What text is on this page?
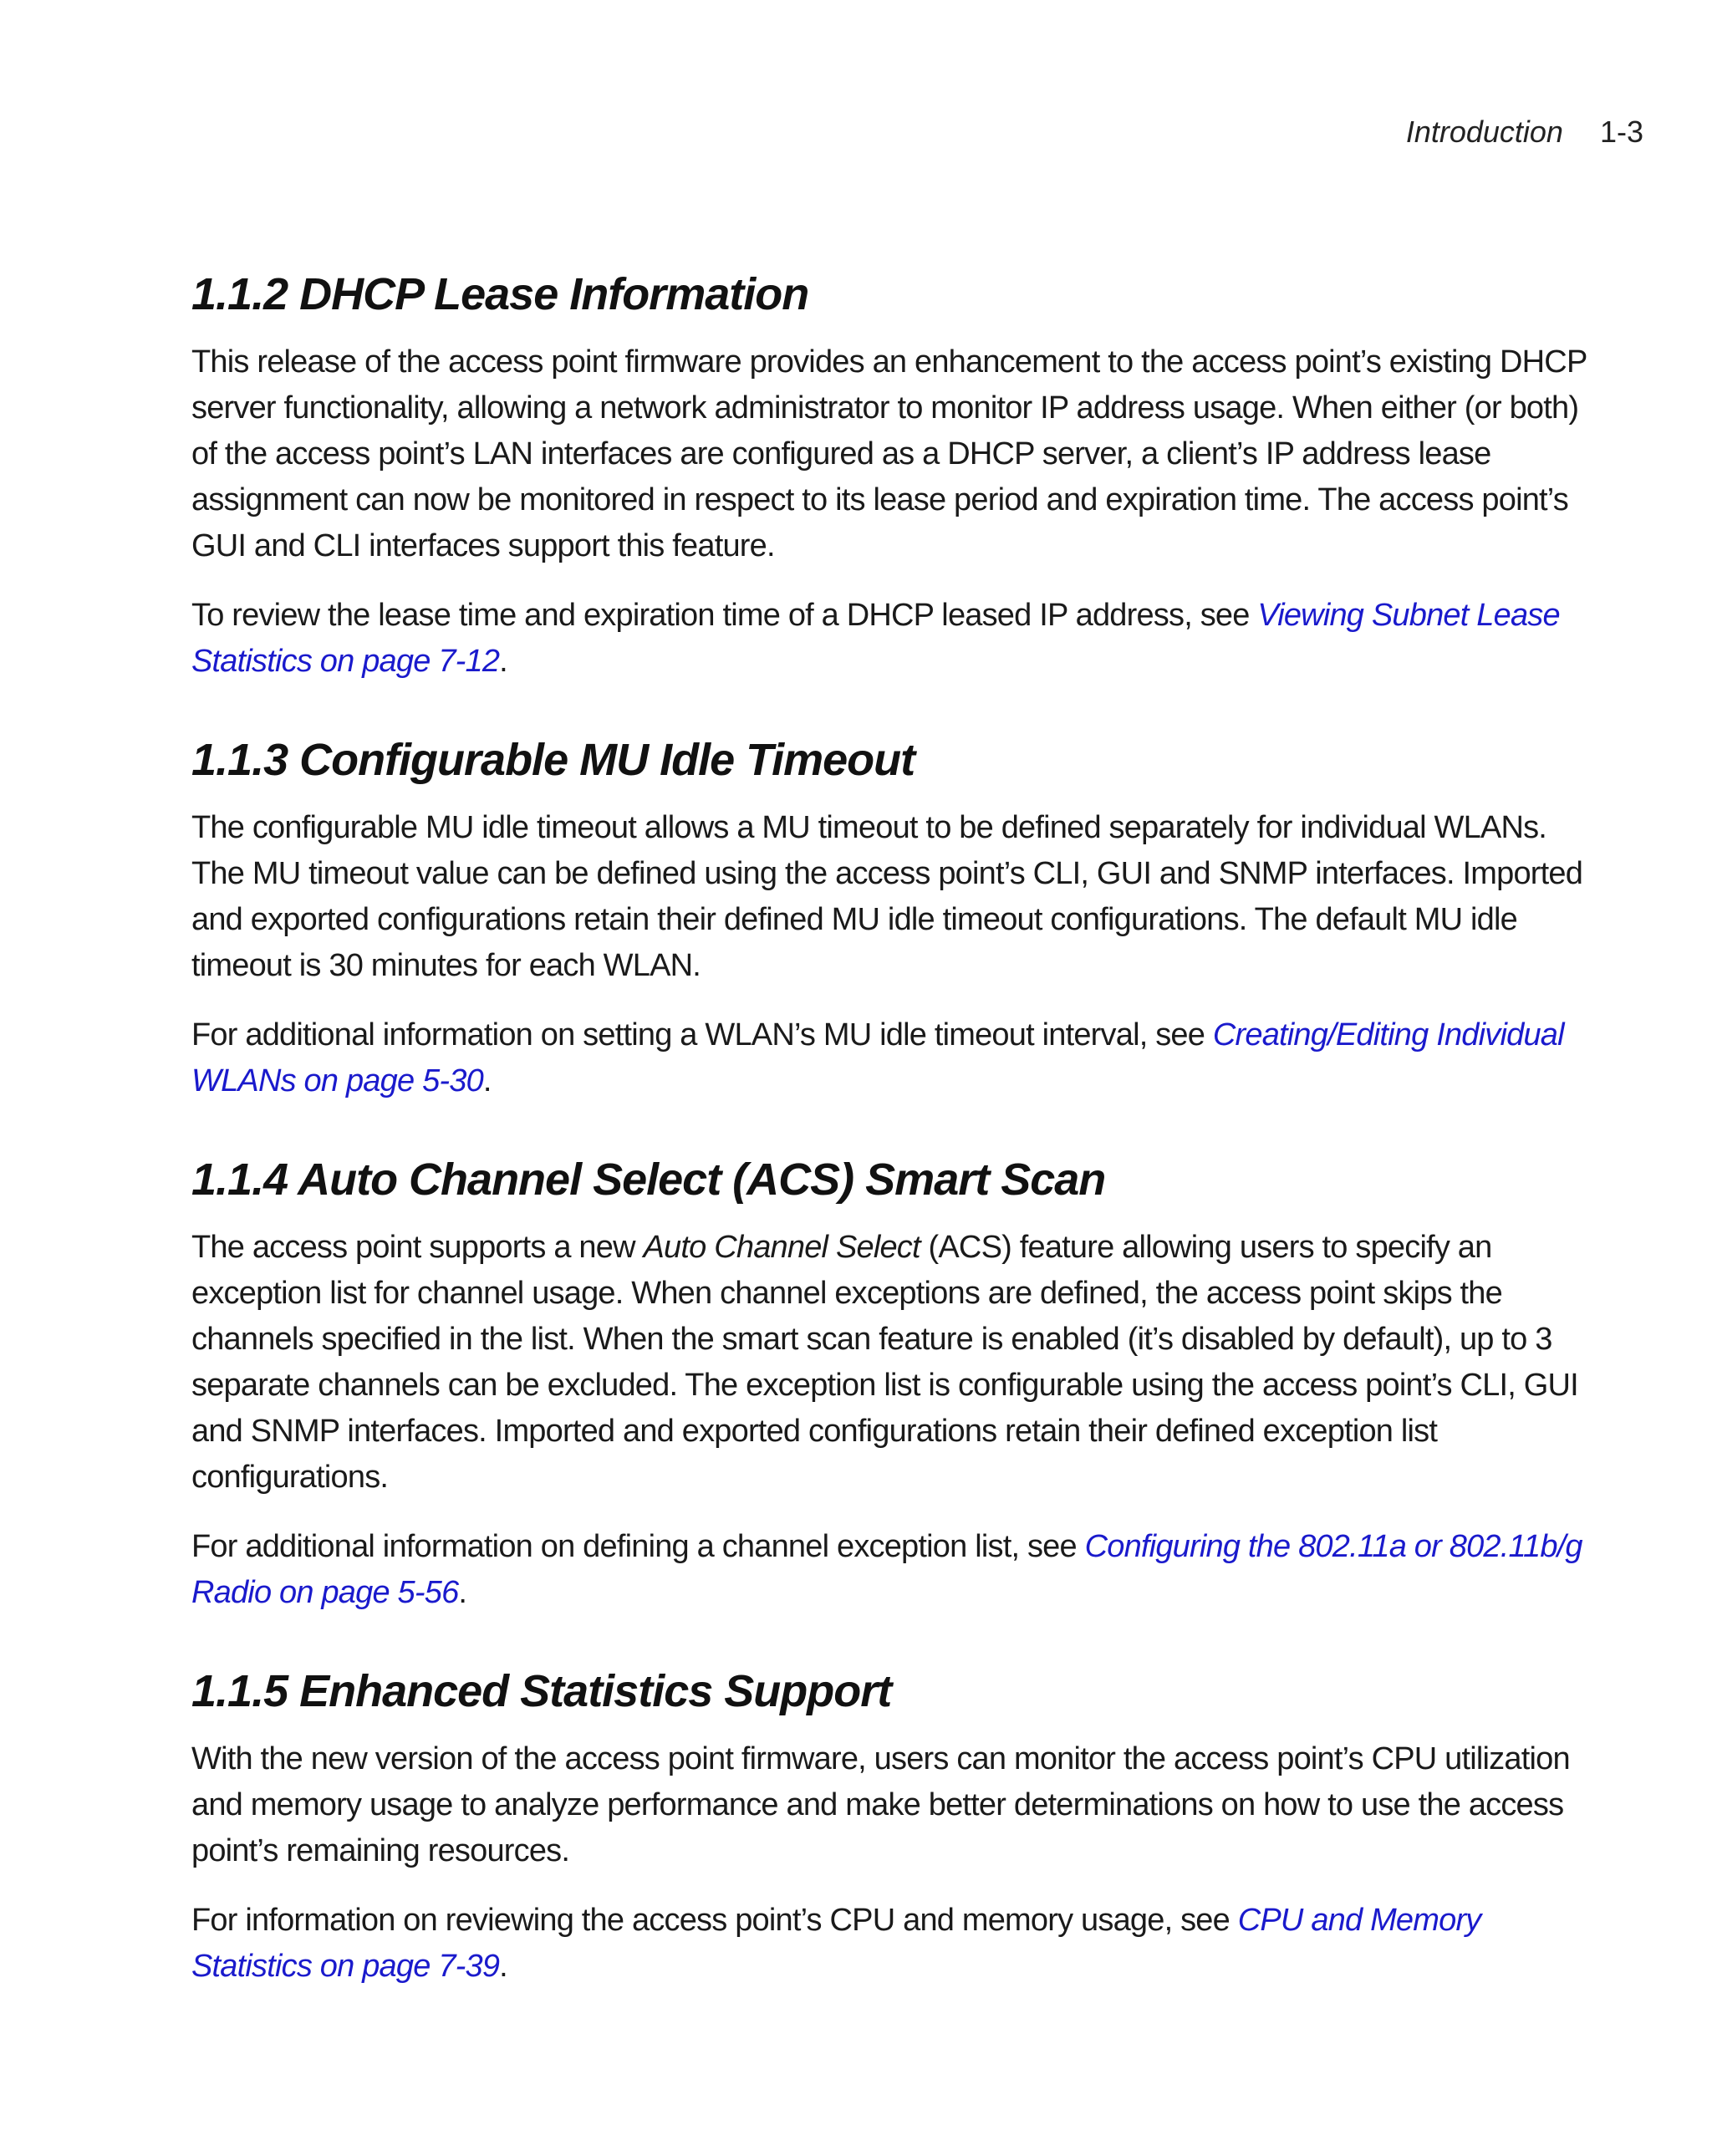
Introduction 1-3
1.1.2 DHCP Lease Information

This release of the access point firmware provides an enhancement to the access point’s existing DHCP server functionality, allowing a network administrator to monitor IP address usage. When either (or both) of the access point’s LAN interfaces are configured as a DHCP server, a client’s IP address lease assignment can now be monitored in respect to its lease period and expiration time. The access point’s GUI and CLI interfaces support this feature.

To review the lease time and expiration time of a DHCP leased IP address, see Viewing Subnet Lease Statistics on page 7-12.

1.1.3 Configurable MU Idle Timeout

The configurable MU idle timeout allows a MU timeout to be defined separately for individual WLANs. The MU timeout value can be defined using the access point’s CLI, GUI and SNMP interfaces. Imported and exported configurations retain their defined MU idle timeout configurations. The default MU idle timeout is 30 minutes for each WLAN.

For additional information on setting a WLAN’s MU idle timeout interval, see Creating/Editing Individual WLANs on page 5-30.

1.1.4 Auto Channel Select (ACS) Smart Scan

The access point supports a new Auto Channel Select (ACS) feature allowing users to specify an exception list for channel usage. When channel exceptions are defined, the access point skips the channels specified in the list. When the smart scan feature is enabled (it’s disabled by default), up to 3 separate channels can be excluded. The exception list is configurable using the access point’s CLI, GUI and SNMP interfaces. Imported and exported configurations retain their defined exception list configurations.

For additional information on defining a channel exception list, see Configuring the 802.11a or 802.11b/g Radio on page 5-56.

1.1.5 Enhanced Statistics Support

With the new version of the access point firmware, users can monitor the access point’s CPU utilization and memory usage to analyze performance and make better determinations on how to use the access point’s remaining resources.

For information on reviewing the access point’s CPU and memory usage, see CPU and Memory Statistics on page 7-39.
